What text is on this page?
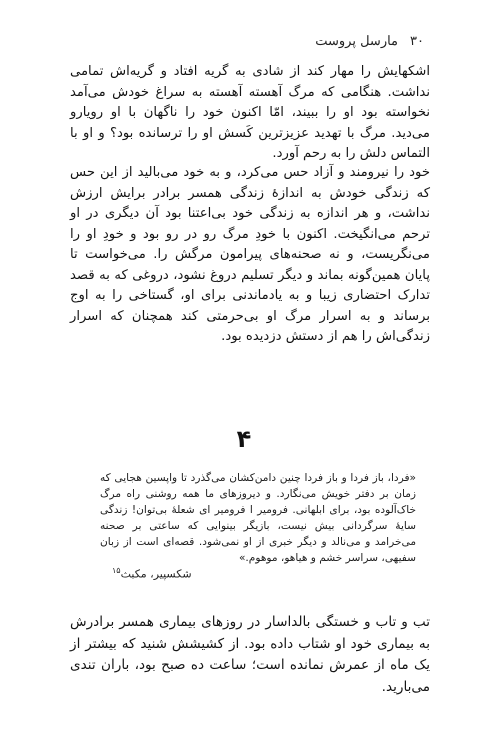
۳۰
مارسل پروست

اشکهایش را مهار کند از شادی به گریه افتاد و گریه‌اش تمامی نداشت. هنگامی که مرگ آهسته آهسته به سراغ خودش می‌آمد نخواسته بود او را ببیند، امّا اکنون خود را ناگهان با او رویارو می‌دید. مرگ با تهدید عزیزترین کَسش او را ترسانده بود؟ و او با التماس دلش را به رحم آورد.

خود را نیرومند و آزاد حس می‌کرد، و به خود می‌بالید از این حس که زندگی خودش به اندازهٔ زندگی همسر برادر برایش ارزش نداشت، و هر اندازه به زندگی خود بی‌اعتنا بود آن دیگری در او ترحم می‌انگیخت. اکنون با خودِ مرگ رو در رو بود و خودِ او را می‌نگریست، و نه صحنه‌های پیرامون مرگش را. می‌خواست تا پایان همین‌گونه بماند و دیگر تسلیم دروغ نشود، دروغی که به قصد تدارک احتضاری زیبا و به یادماندنی برای او، گستاخی را به اوج برساند و به اسرار مرگ او بی‌حرمتی کند همچنان که اسرار زندگی‌اش را هم از دستش دزدیده بود.

۴

«فردا، باز فردا و باز فردا چنین دامن‌کشان می‌گذرد تا واپسین هجایی که زمان بر دفتر خویش می‌نگارد. و دیروزهای ما همه روشنی راه مرگ خاک‌آلوده بود، برای ابلهانی. فرومیر ا فرومیر ای شعلهٔ بی‌توان! زندگی سایهٔ سرگردانی بیش نیست، بازیگر بینوایی که ساعتی بر صحنه می‌خرامد و می‌نالد و دیگر خبری از او نمی‌شود. قصه‌ای است از زبان سفیهی، سراسر خشم و هیاهو، موهوم.»

شکسپیر، مکبث$^{۱۵}$

تب و تاب و خستگی بالداسار در روزهای بیماری همسر برادرش به بیماری خود او شتاب داده بود. از کشیشش شنید که بیشتر از یک ماه از عمرش نمانده است؛ ساعت ده صبح بود، باران تندی می‌بارید.
